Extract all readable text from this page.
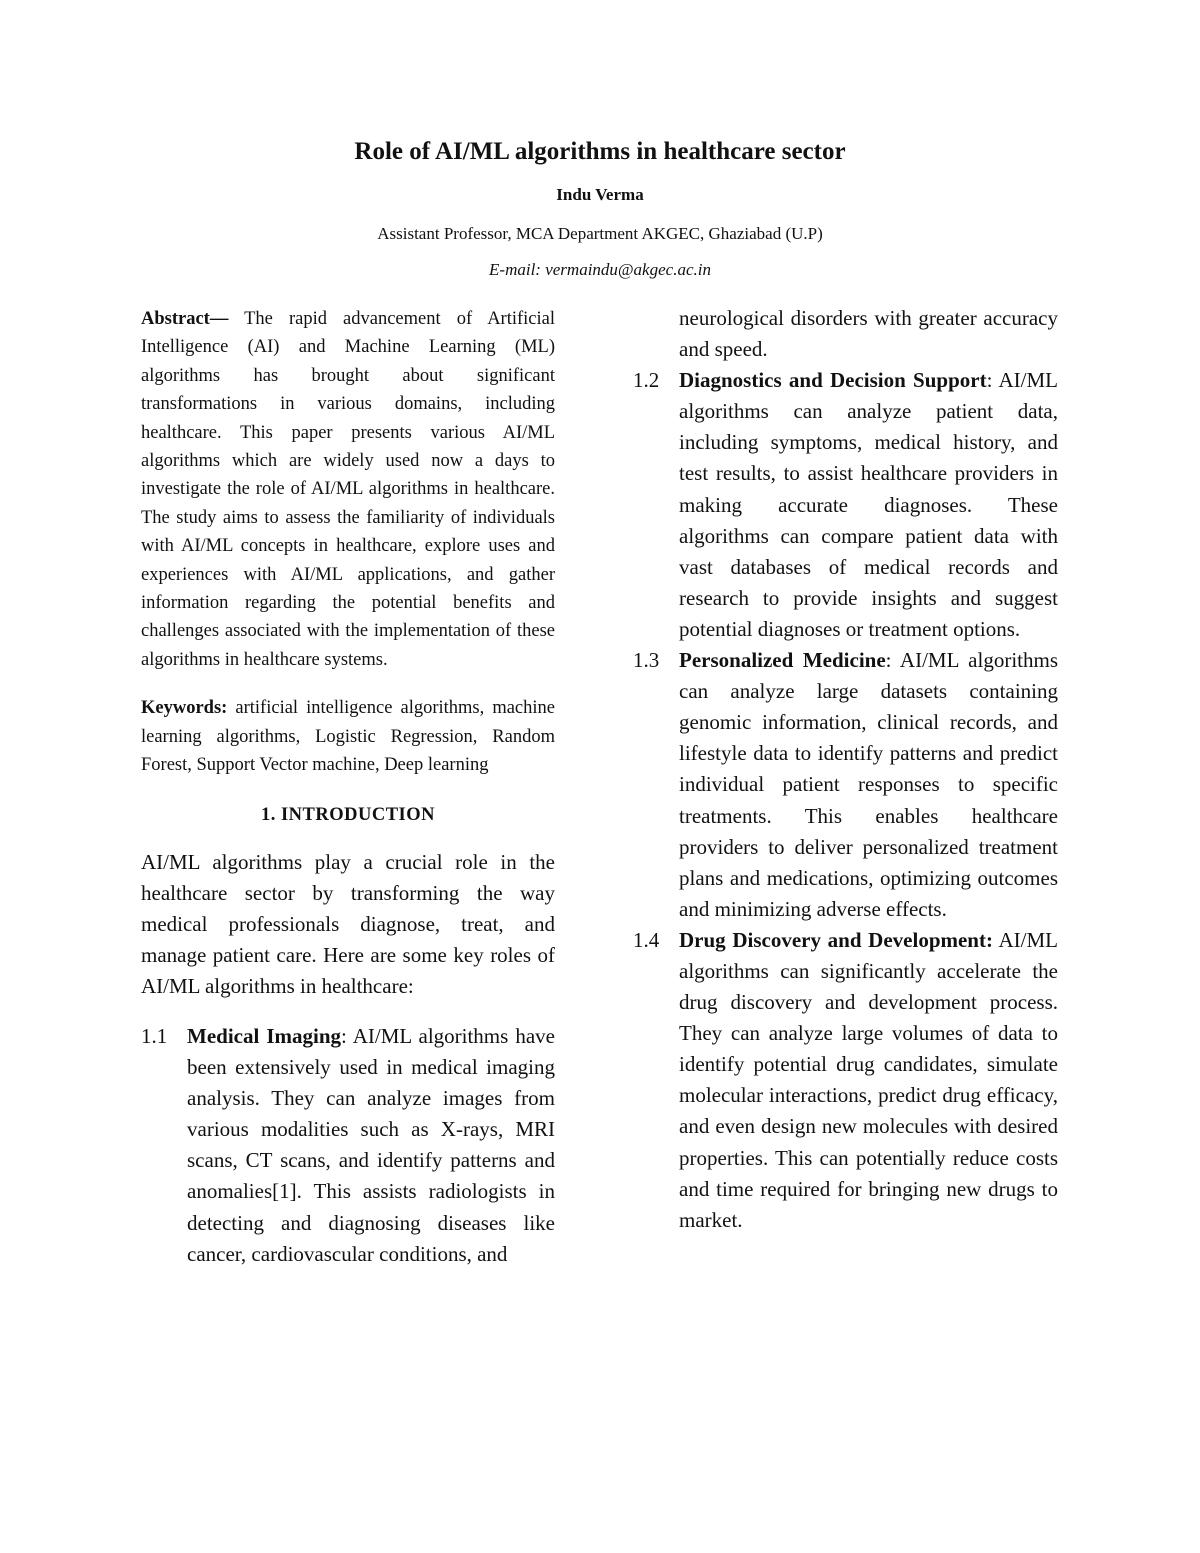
Role of AI/ML algorithms in healthcare sector
Indu Verma
Assistant Professor, MCA Department AKGEC, Ghaziabad (U.P)
E-mail: vermaindu@akgec.ac.in

Abstract— The rapid advancement of Artificial Intelligence (AI) and Machine Learning (ML) algorithms has brought about significant transformations in various domains, including healthcare. This paper presents various AI/ML algorithms which are widely used now a days to investigate the role of AI/ML algorithms in healthcare. The study aims to assess the familiarity of individuals with AI/ML concepts in healthcare, explore uses and experiences with AI/ML applications, and gather information regarding the potential benefits and challenges associated with the implementation of these algorithms in healthcare systems.

Keywords: artificial intelligence algorithms, machine learning algorithms, Logistic Regression, Random Forest, Support Vector machine, Deep learning

1. INTRODUCTION

AI/ML algorithms play a crucial role in the healthcare sector by transforming the way medical professionals diagnose, treat, and manage patient care. Here are some key roles of AI/ML algorithms in healthcare:

1.1 Medical Imaging: AI/ML algorithms have been extensively used in medical imaging analysis. They can analyze images from various modalities such as X-rays, MRI scans, CT scans, and identify patterns and anomalies[1]. This assists radiologists in detecting and diagnosing diseases like cancer, cardiovascular conditions, and

neurological disorders with greater accuracy and speed.

1.2 Diagnostics and Decision Support: AI/ML algorithms can analyze patient data, including symptoms, medical history, and test results, to assist healthcare providers in making accurate diagnoses. These algorithms can compare patient data with vast databases of medical records and research to provide insights and suggest potential diagnoses or treatment options.

1.3 Personalized Medicine: AI/ML algorithms can analyze large datasets containing genomic information, clinical records, and lifestyle data to identify patterns and predict individual patient responses to specific treatments. This enables healthcare providers to deliver personalized treatment plans and medications, optimizing outcomes and minimizing adverse effects.

1.4 Drug Discovery and Development: AI/ML algorithms can significantly accelerate the drug discovery and development process. They can analyze large volumes of data to identify potential drug candidates, simulate molecular interactions, predict drug efficacy, and even design new molecules with desired properties. This can potentially reduce costs and time required for bringing new drugs to market.
